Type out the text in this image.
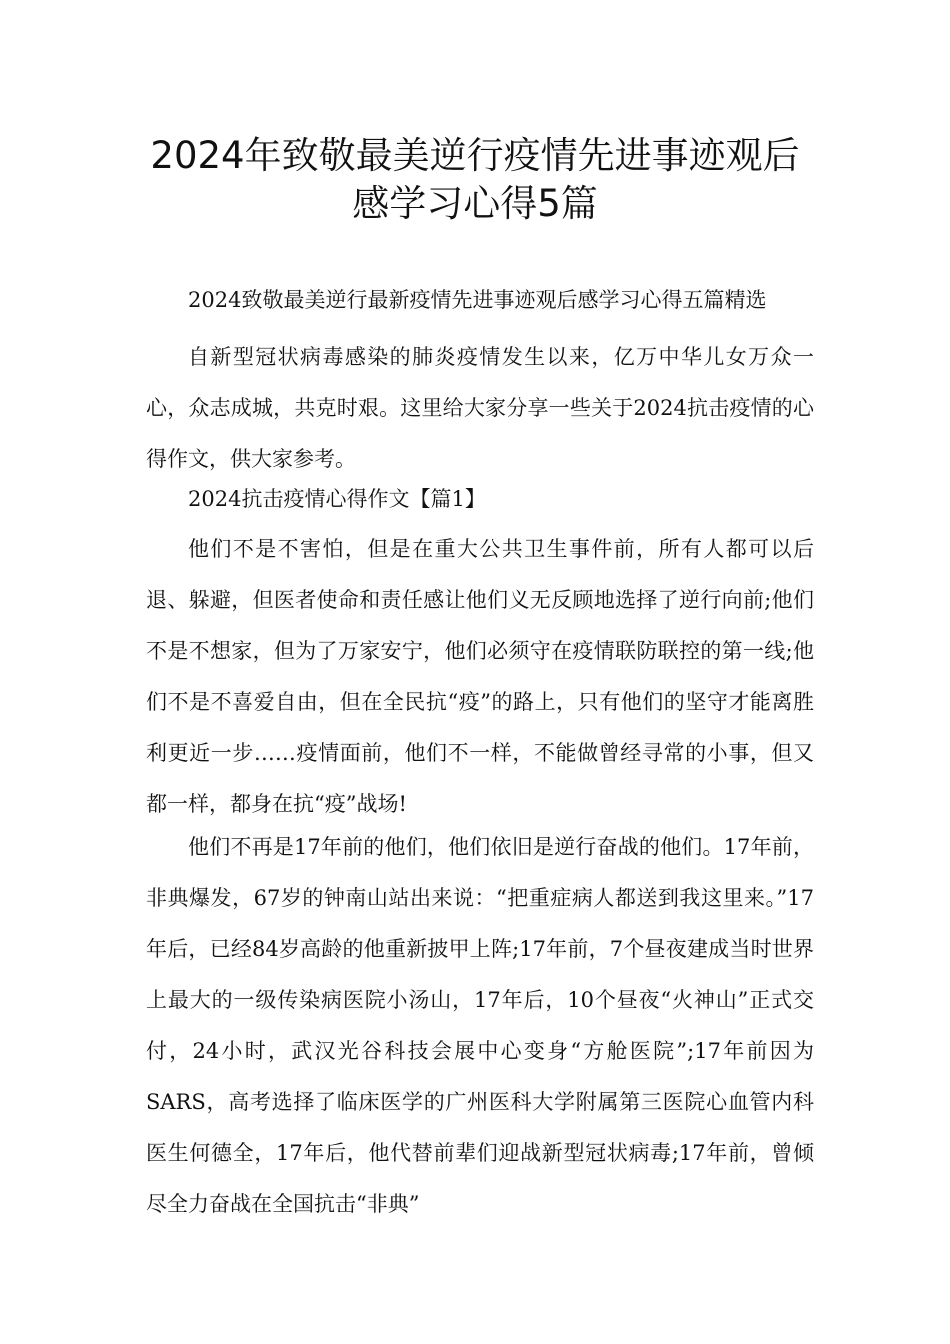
2024年致敬最美逆行疫情先进事迹观后
感学习心得5篇

2024致敬最美逆行最新疫情先进事迹观后感学习心得五篇精选

自新型冠状病毒感染的肺炎疫情发生以来，亿万中华儿女万众一心，众志成城，共克时艰。这里给大家分享一些关于2024抗击疫情的心得作文，供大家参考。

2024抗击疫情心得作文【篇1】

他们不是不害怕，但是在重大公共卫生事件前，所有人都可以后退、躲避，但医者使命和责任感让他们义无反顾地选择了逆行向前;他们不是不想家，但为了万家安宁，他们必须守在疫情联防联控的第一线;他们不是不喜爱自由，但在全民抗“疫”的路上，只有他们的坚守才能离胜利更近一步……疫情面前，他们不一样，不能做曾经寻常的小事，但又都一样，都身在抗“疫”战场!

他们不再是17年前的他们，他们依旧是逆行奋战的他们。17年前，非典爆发，67岁的钟南山站出来说：“把重症病人都送到我这里来。”17年后，已经84岁高龄的他重新披甲上阵;17年前，7个昼夜建成当时世界上最大的一级传染病医院小汤山，17年后，10个昼夜“火神山”正式交付，24小时，武汉光谷科技会展中心变身“方舱医院”;17年前因为SARS，高考选择了临床医学的广州医科大学附属第三医院心血管内科医生何德全，17年后，他代替前辈们迎战新型冠状病毒;17年前，曾倾尽全力奋战在全国抗击“非典”
